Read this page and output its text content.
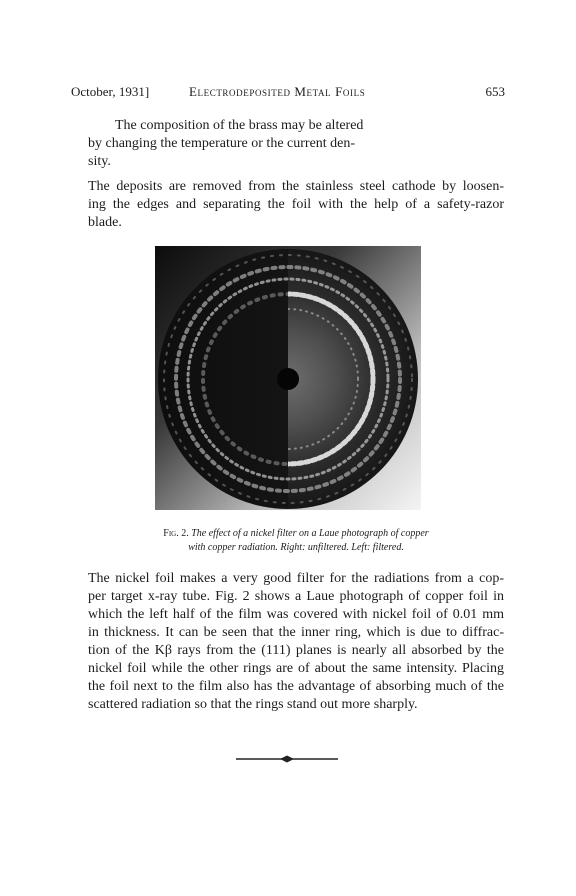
October, 1931]	Electrodeposited Metal Foils	653

The composition of the brass may be altered
by changing the temperature or the current den-
sity.

The deposits are removed from the stainless steel cathode by loosen-
ing the edges and separating the foil with the help of a safety-razor
blade.
Fig. 2. The effect of a nickel filter on a Laue photograph of copper
with copper radiation. Right: unfiltered. Left: filtered.
The nickel foil makes a very good filter for the radiations from a cop-
per target x-ray tube. Fig. 2 shows a Laue photograph of copper foil in
which the left half of the film was covered with nickel foil of 0.01 mm
in thickness. It can be seen that the inner ring, which is due to diffrac-
tion of the Kβ rays from the (111) planes is nearly all absorbed by the
nickel foil while the other rings are of about the same intensity. Placing
the foil next to the film also has the advantage of absorbing much of the
scattered radiation so that the rings stand out more sharply.
